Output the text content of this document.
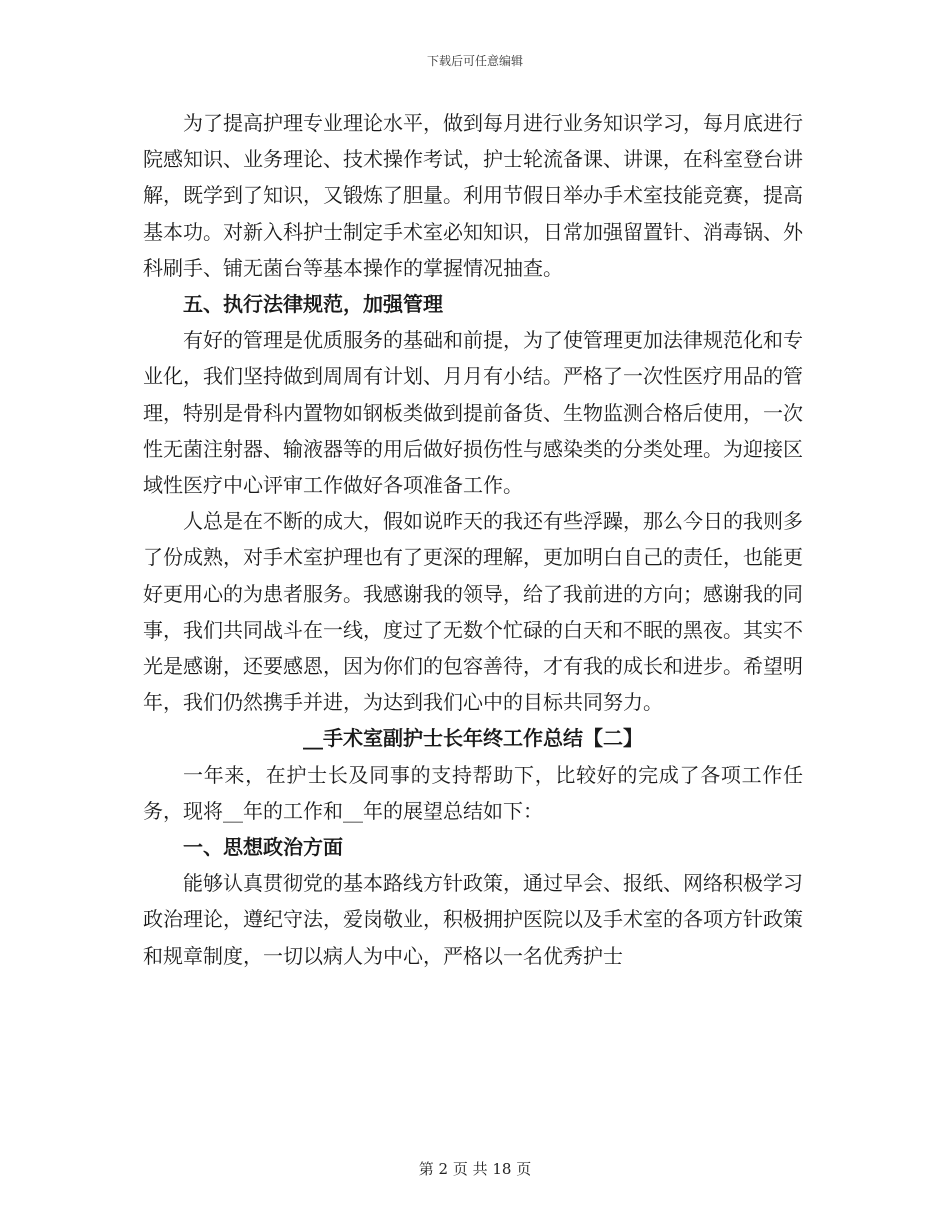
下载后可任意编辑

为了提高护理专业理论水平，做到每月进行业务知识学习，每月底进行院感知识、业务理论、技术操作考试，护士轮流备课、讲课，在科室登台讲解，既学到了知识，又锻炼了胆量。利用节假日举办手术室技能竞赛，提高基本功。对新入科护士制定手术室必知知识，日常加强留置针、消毒锅、外科刷手、铺无菌台等基本操作的掌握情况抽查。

五、执行法律规范，加强管理

有好的管理是优质服务的基础和前提，为了使管理更加法律规范化和专业化，我们坚持做到周周有计划、月月有小结。严格了一次性医疗用品的管理，特别是骨科内置物如钢板类做到提前备货、生物监测合格后使用，一次性无菌注射器、输液器等的用后做好损伤性与感染类的分类处理。为迎接区域性医疗中心评审工作做好各项准备工作。

人总是在不断的成大，假如说昨天的我还有些浮躁，那么今日的我则多了份成熟，对手术室护理也有了更深的理解，更加明白自己的责任，也能更好更用心的为患者服务。我感谢我的领导，给了我前进的方向；感谢我的同事，我们共同战斗在一线，度过了无数个忙碌的白天和不眠的黑夜。其实不光是感谢，还要感恩，因为你们的包容善待，才有我的成长和进步。希望明年，我们仍然携手并进，为达到我们心中的目标共同努力。

__手术室副护士长年终工作总结【二】

一年来，在护士长及同事的支持帮助下，比较好的完成了各项工作任务，现将__年的工作和__年的展望总结如下：

一、思想政治方面

能够认真贯彻党的基本路线方针政策，通过早会、报纸、网络积极学习政治理论，遵纪守法，爱岗敬业，积极拥护医院以及手术室的各项方针政策和规章制度，一切以病人为中心，严格以一名优秀护士

第 2 页 共 18 页
